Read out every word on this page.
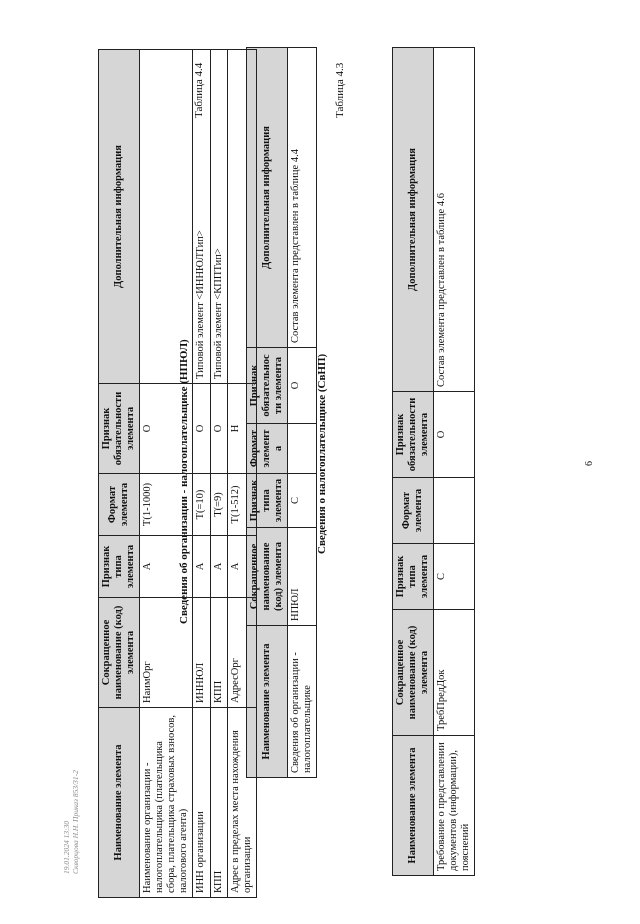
6
Наименование элемента	Сокращенное наименование (код) элемента	Признак типа элемента	Формат элемента	Признак обязательности элемента	Дополнительная информация
Требование о представлении документов (информации), пояснений	ТребПредДок	С		О	Состав элемента представлен в таблице 4.6
Таблица 4.3
Сведения о налогоплательщике (СвНП)
Наименование элемента	Сокращенное наименование (код) элемента	Признак типа элемента	Формат элемента	Признак обязательности элемента	Дополнительная информация
Сведения об организации - налогоплательщике	НПЮЛ	С		О	Состав элемента представлен в таблице 4.4
Таблица 4.4
Сведения об организации - налогоплательщике (НПЮЛ)
Наименование элемента	Сокращенное наименование (код) элемента	Признак типа элемента	Формат элемента	Признак обязательности элемента	Дополнительная информация
Наименование организации - налогоплательщика (плательщика сбора, плательщика страховых взносов, налогового агента)	НаимОрг	А	T(1-1000)	О	
ИНН организации	ИННЮЛ	А	T(=10)	О	Типовой элемент <ИННЮЛТип>
КПП	КПП	А	T(=9)	О	Типовой элемент <КППТип>
Адрес в пределах места нахождения организации	АдресОрг	А	T(1-512)	Н	
19.01.2024 13:30 Скворцова Н.Н. Приказ 853/31-2
